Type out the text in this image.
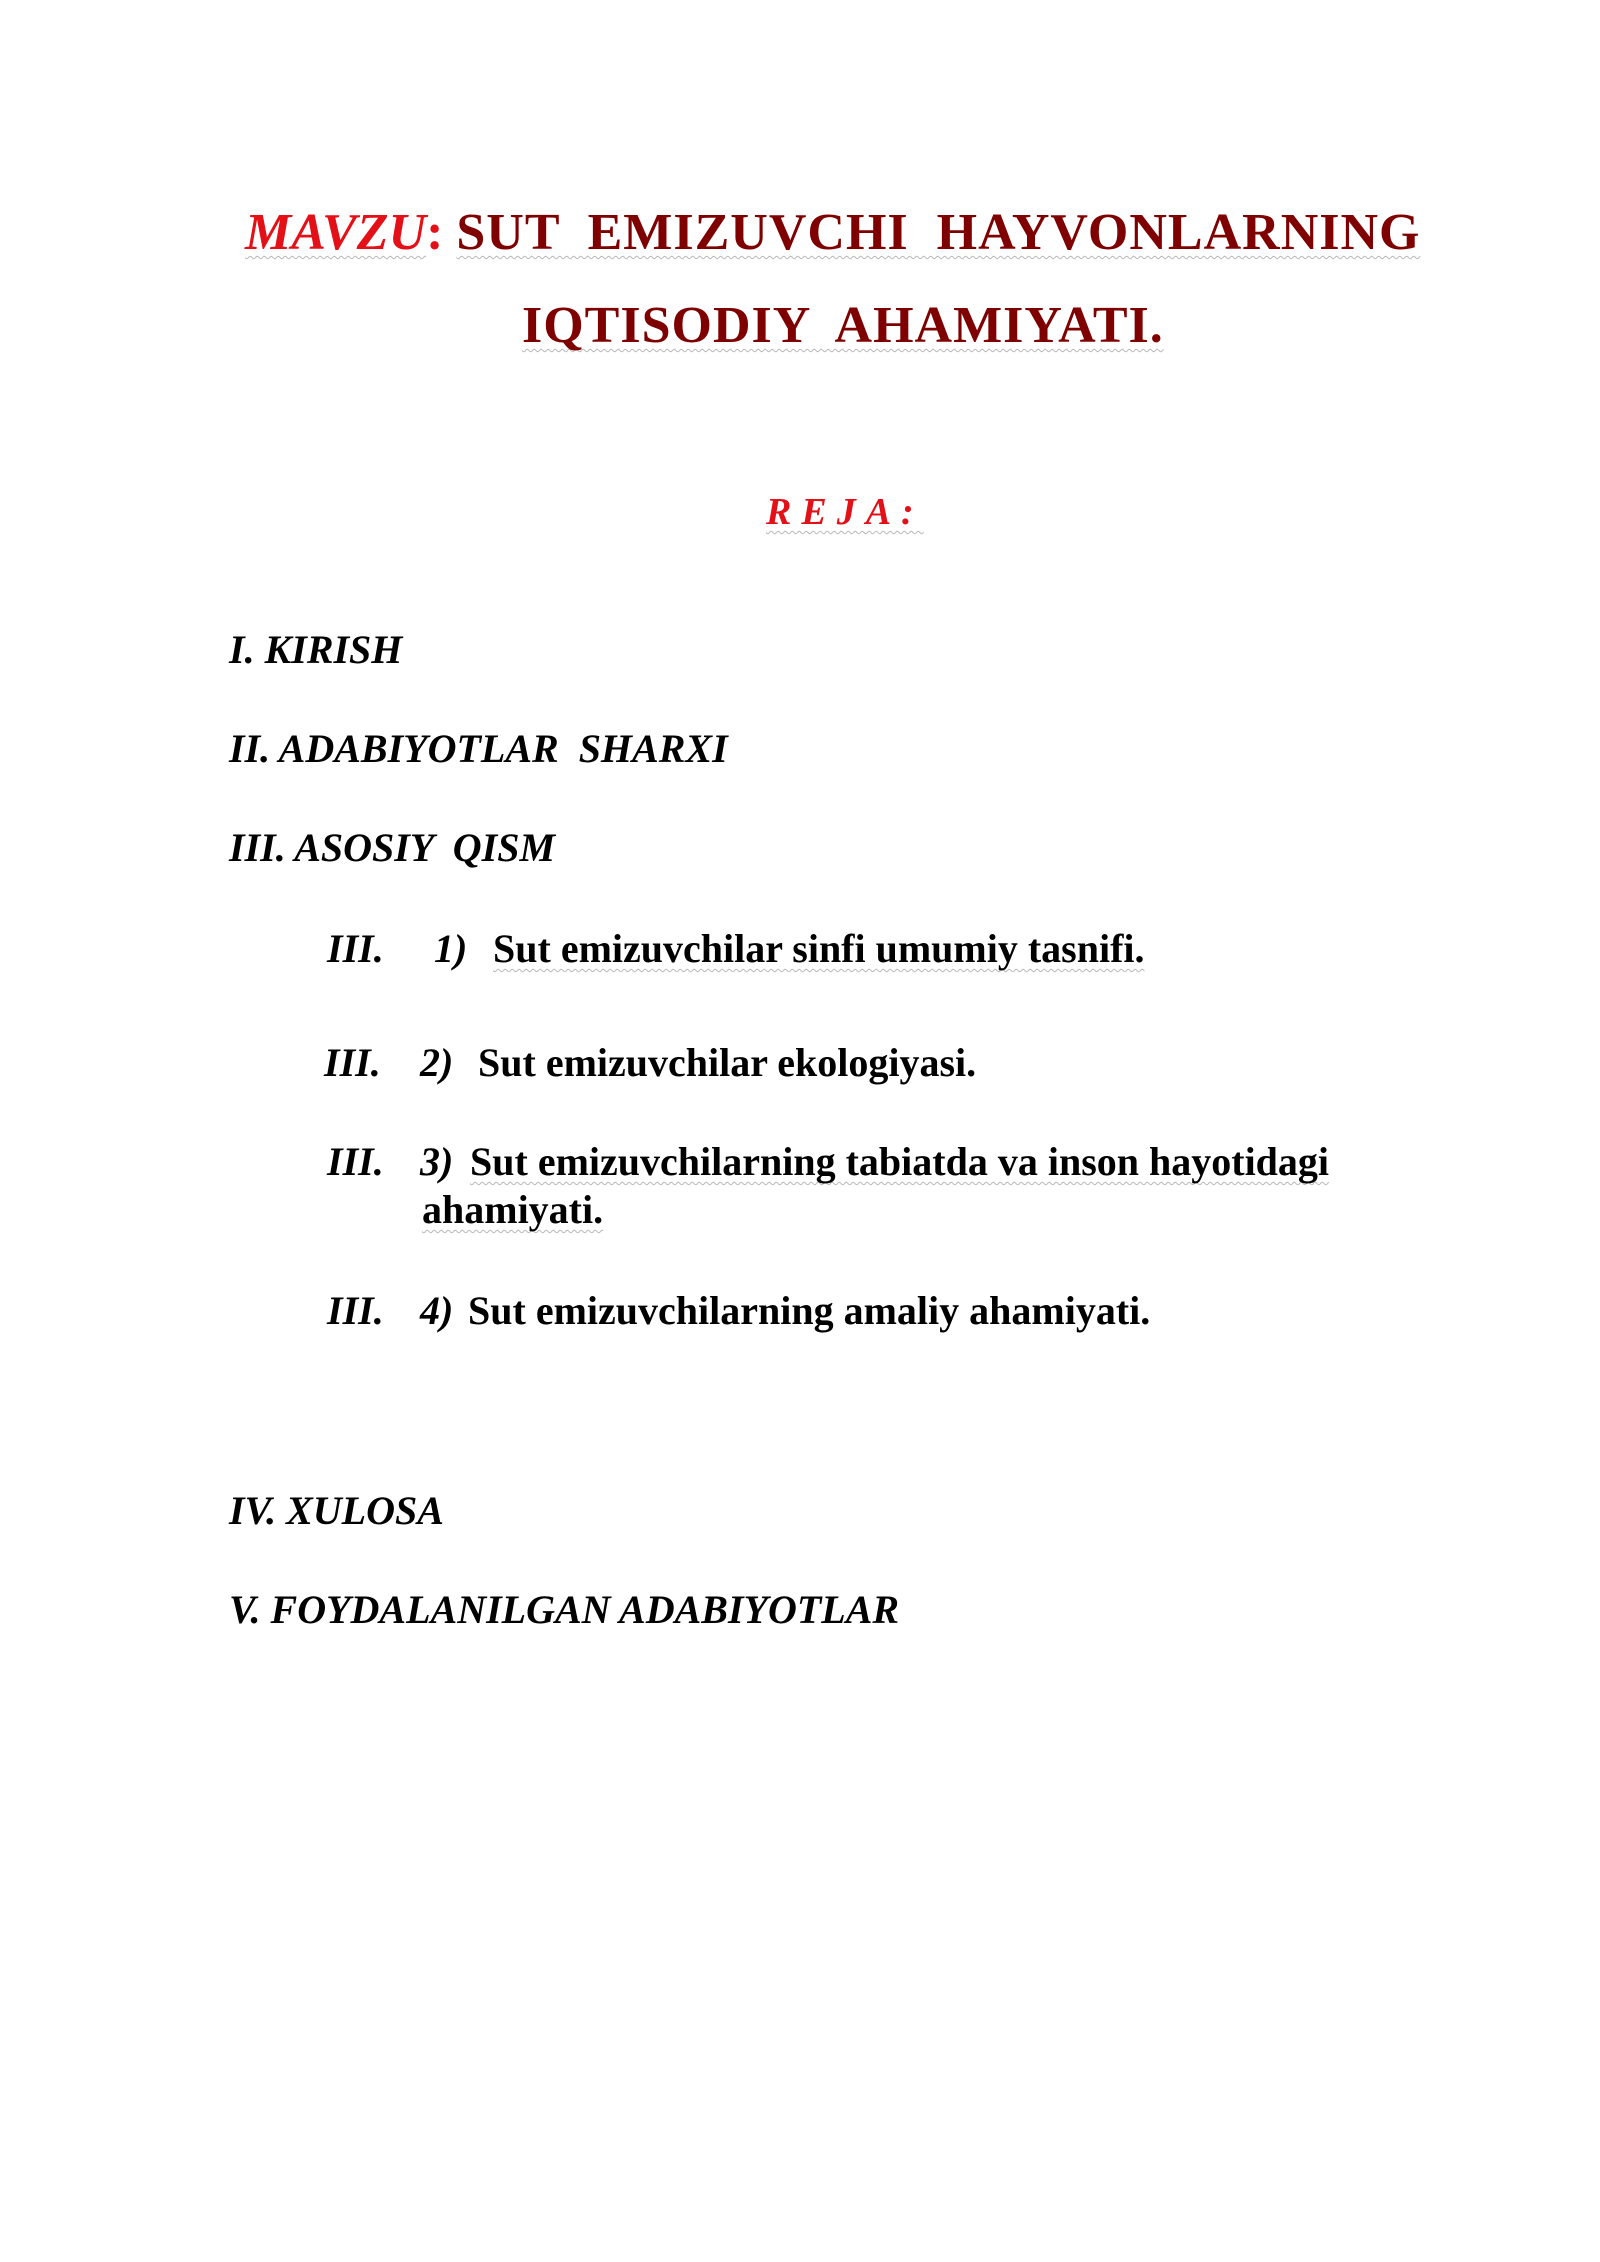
MAVZU: SUT  EMIZUVCHI  HAYVONLARNING
IQTISODIY  AHAMIYATI.
REJA:
I. KIRISH
II. ADABIYOTLAR  SHARXI
III. ASOSIY  QISM
III. 1) Sut emizuvchilar sinfi umumiy tasnifi.
III. 2) Sut emizuvchilar ekologiyasi.
III. 3) Sut emizuvchilarning tabiatda va inson hayotidagi
ahamiyati.
III. 4) Sut emizuvchilarning amaliy ahamiyati.
IV. XULOSA
V. FOYDALANILGAN ADABIYOTLAR
